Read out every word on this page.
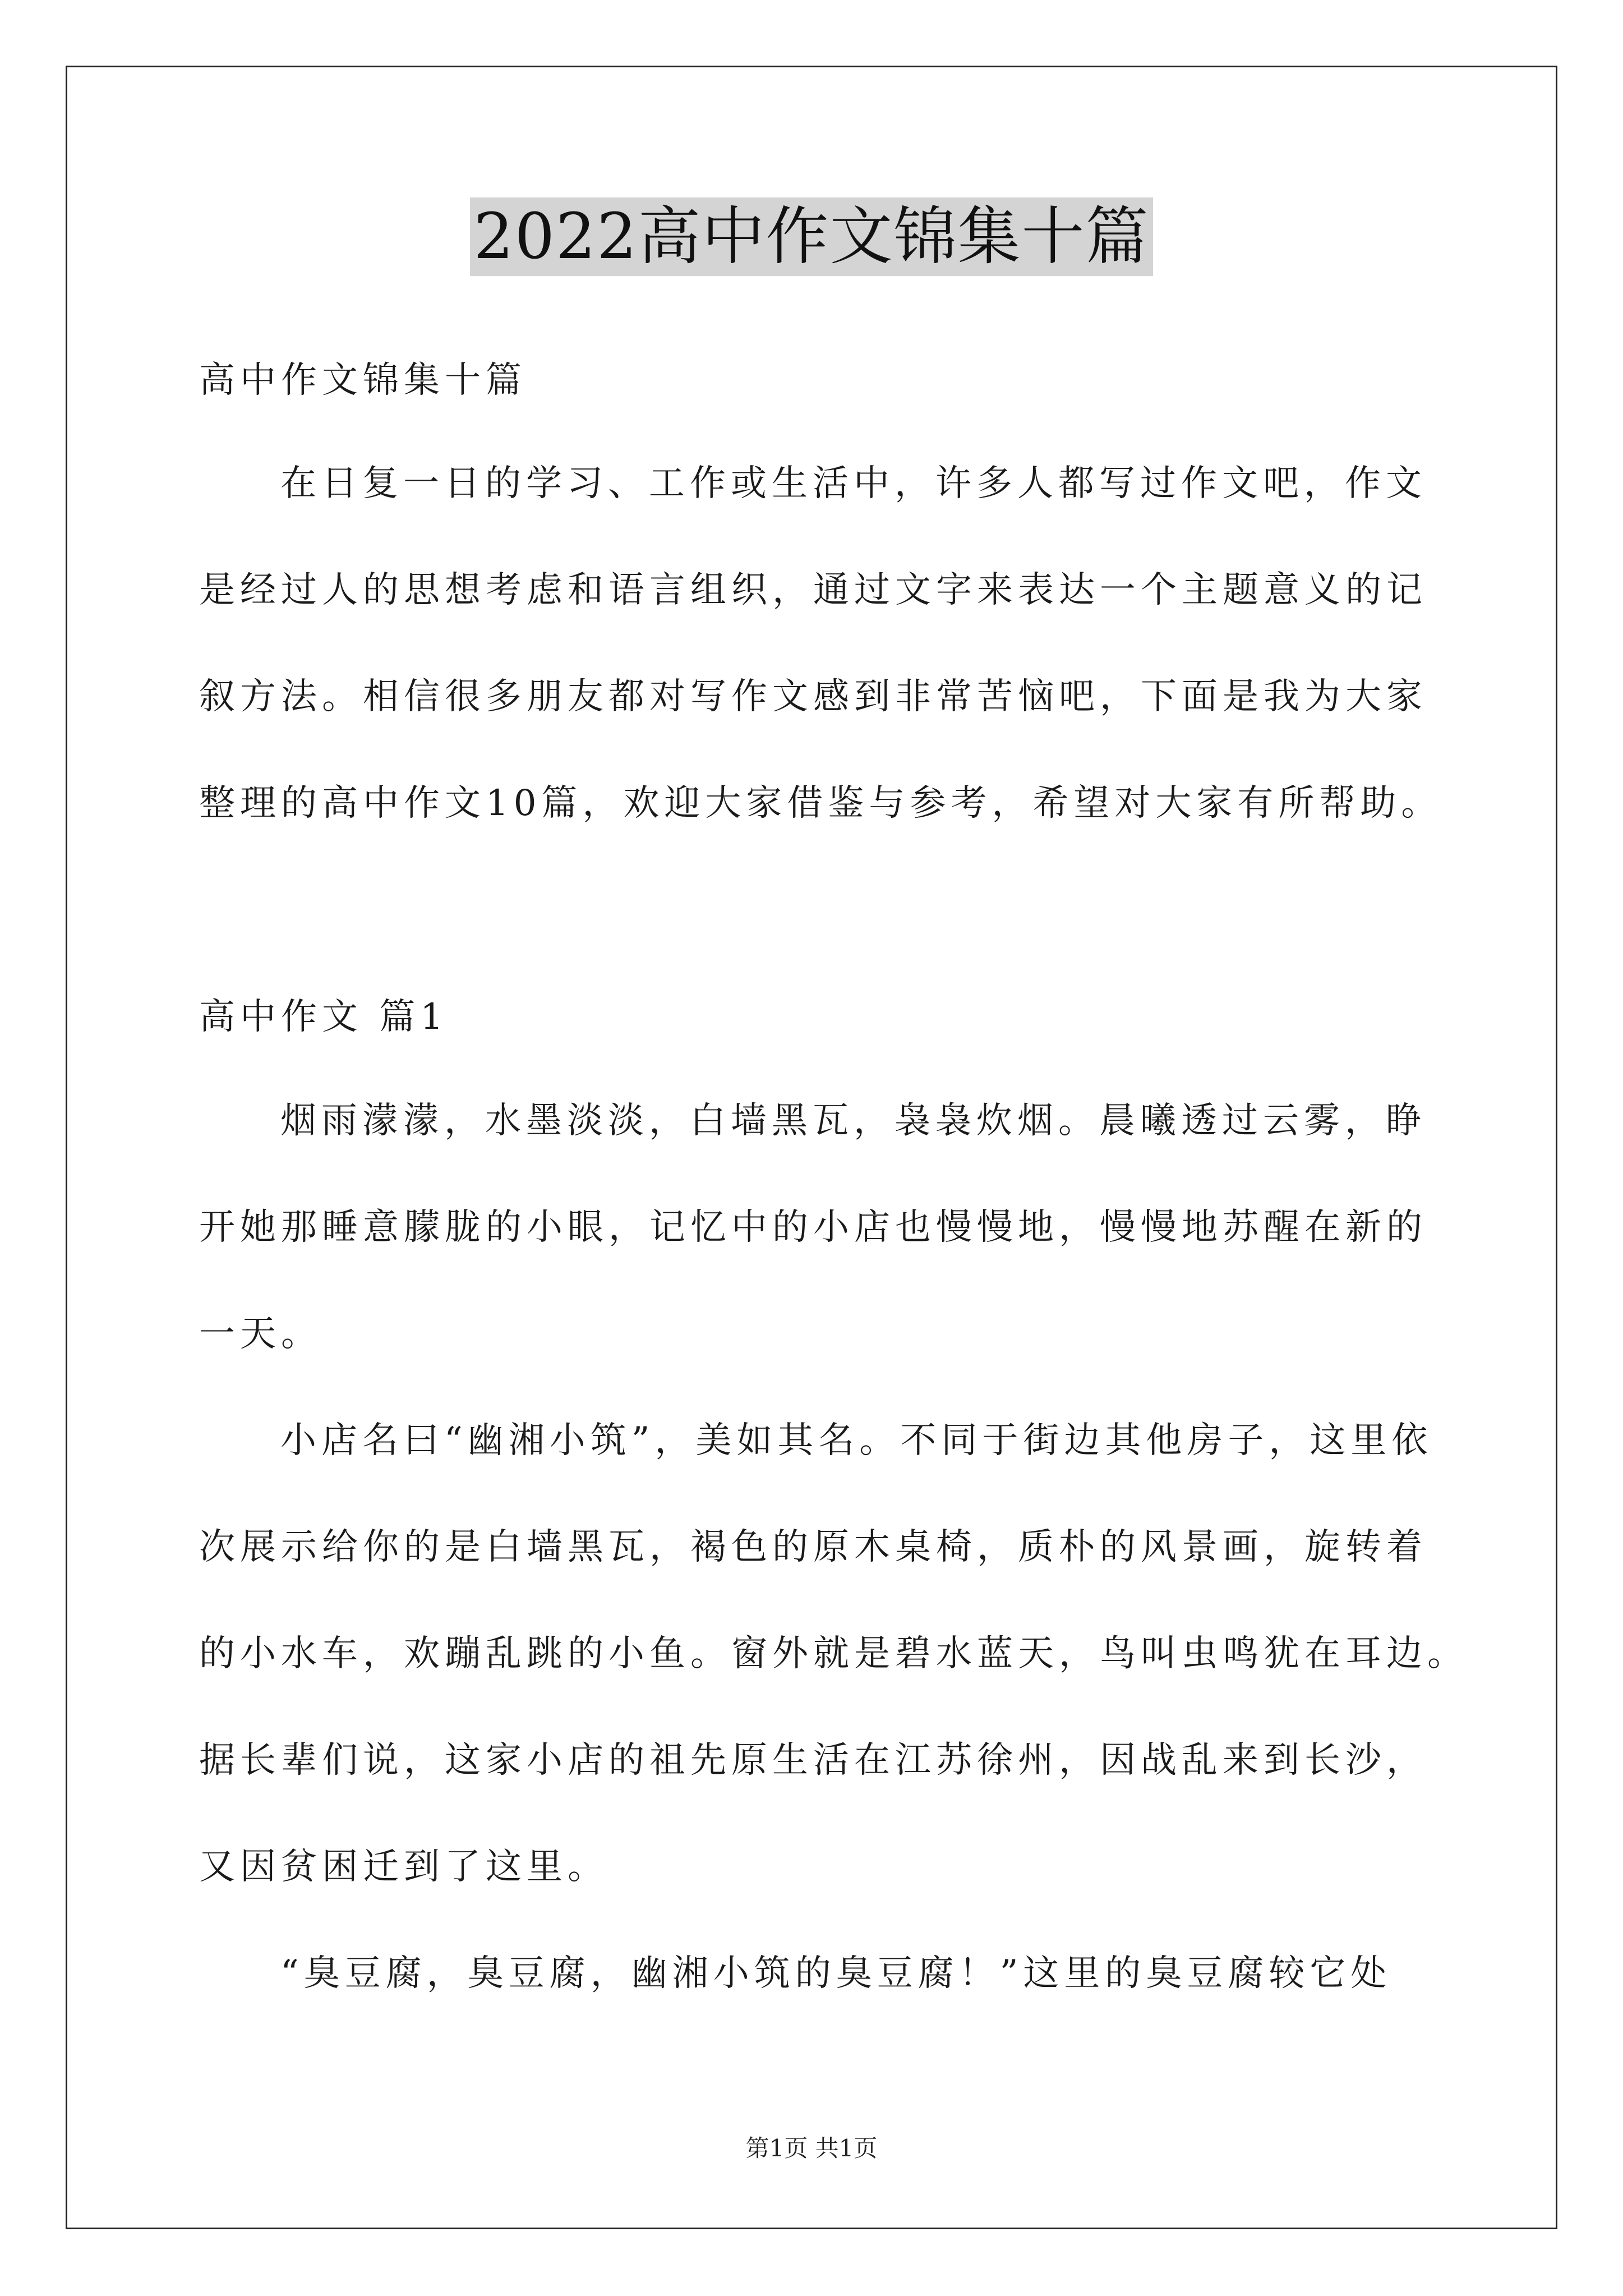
2022高中作文锦集十篇
高中作文锦集十篇
在日复一日的学习、工作或生活中，许多人都写过作文吧，作文
是经过人的思想考虑和语言组织，通过文字来表达一个主题意义的记
叙方法。相信很多朋友都对写作文感到非常苦恼吧，下面是我为大家
整理的高中作文10篇，欢迎大家借鉴与参考，希望对大家有所帮助。
高中作文 篇1
烟雨濛濛，水墨淡淡，白墙黑瓦，袅袅炊烟。晨曦透过云雾，睁
开她那睡意朦胧的小眼，记忆中的小店也慢慢地，慢慢地苏醒在新的
一天。
小店名曰“幽湘小筑”，美如其名。不同于街边其他房子，这里依
次展示给你的是白墙黑瓦，褐色的原木桌椅，质朴的风景画，旋转着
的小水车，欢蹦乱跳的小鱼。窗外就是碧水蓝天，鸟叫虫鸣犹在耳边。
据长辈们说，这家小店的祖先原生活在江苏徐州，因战乱来到长沙，
又因贫困迁到了这里。
“臭豆腐，臭豆腐，幽湘小筑的臭豆腐！”这里的臭豆腐较它处
第1页 共1页
